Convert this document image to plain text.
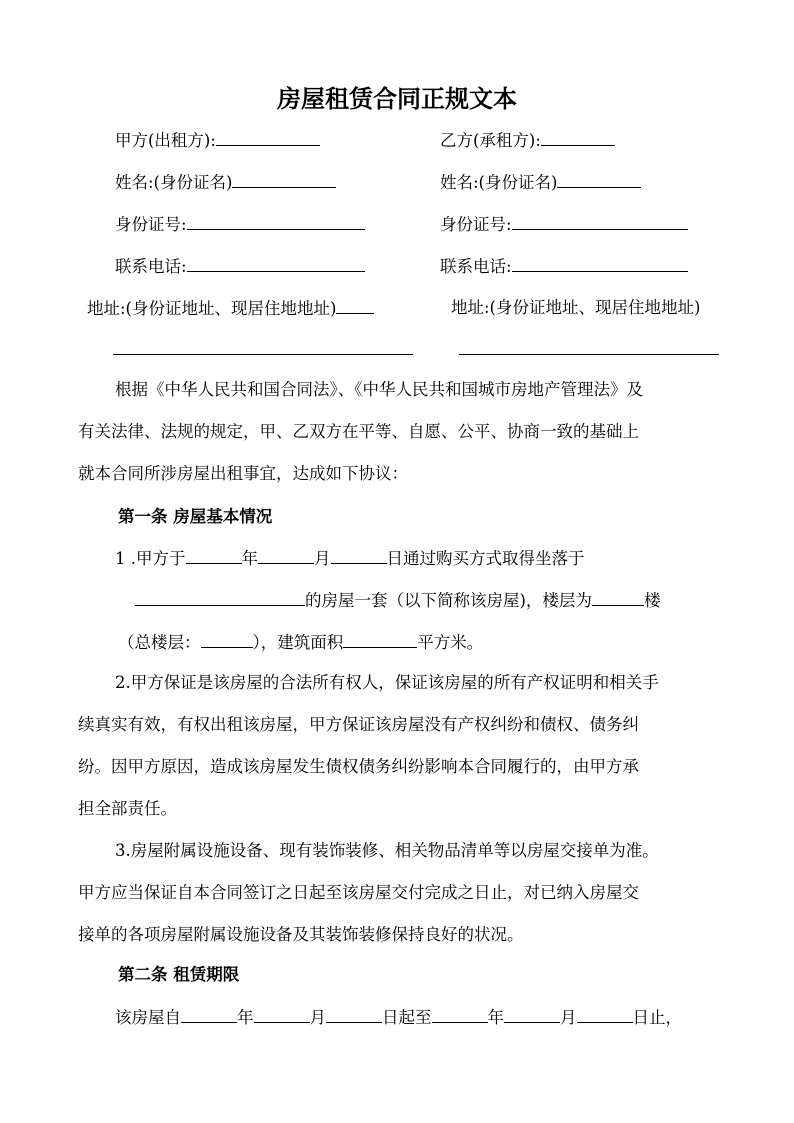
房屋租赁合同正规文本
甲方(出租方):	乙方(承租方):
姓名:(身份证名)	姓名:(身份证名)
身份证号:	身份证号:
联系电话:	联系电话:
地址:(身份证地址、现居住地地址)	地址:(身份证地址、现居住地地址)
根据《中华人民共和国合同法》、《中华人民共和国城市房地产管理法》及
有关法律、法规的规定，甲、乙双方在平等、自愿、公平、协商一致的基础上
就本合同所涉房屋出租事宜，达成如下协议：
第一条 房屋基本情况
1 .甲方于	年	月	日通过购买方式取得坐落于
的房屋一套（以下简称该房屋)，楼层为	楼
（总楼层：	），建筑面积	平方米。
2.甲方保证是该房屋的合法所有权人，保证该房屋的所有产权证明和相关手
续真实有效，有权出租该房屋，甲方保证该房屋没有产权纠纷和债权、债务纠
纷。因甲方原因，造成该房屋发生债权债务纠纷影响本合同履行的，由甲方承
担全部责任。
3.房屋附属设施设备、现有装饰装修、相关物品清单等以房屋交接单为准。
甲方应当保证自本合同签订之日起至该房屋交付完成之日止，对已纳入房屋交
接单的各项房屋附属设施设备及其装饰装修保持良好的状况。
第二条 租赁期限
该房屋自	年	月	日起至	年	月	日止，
